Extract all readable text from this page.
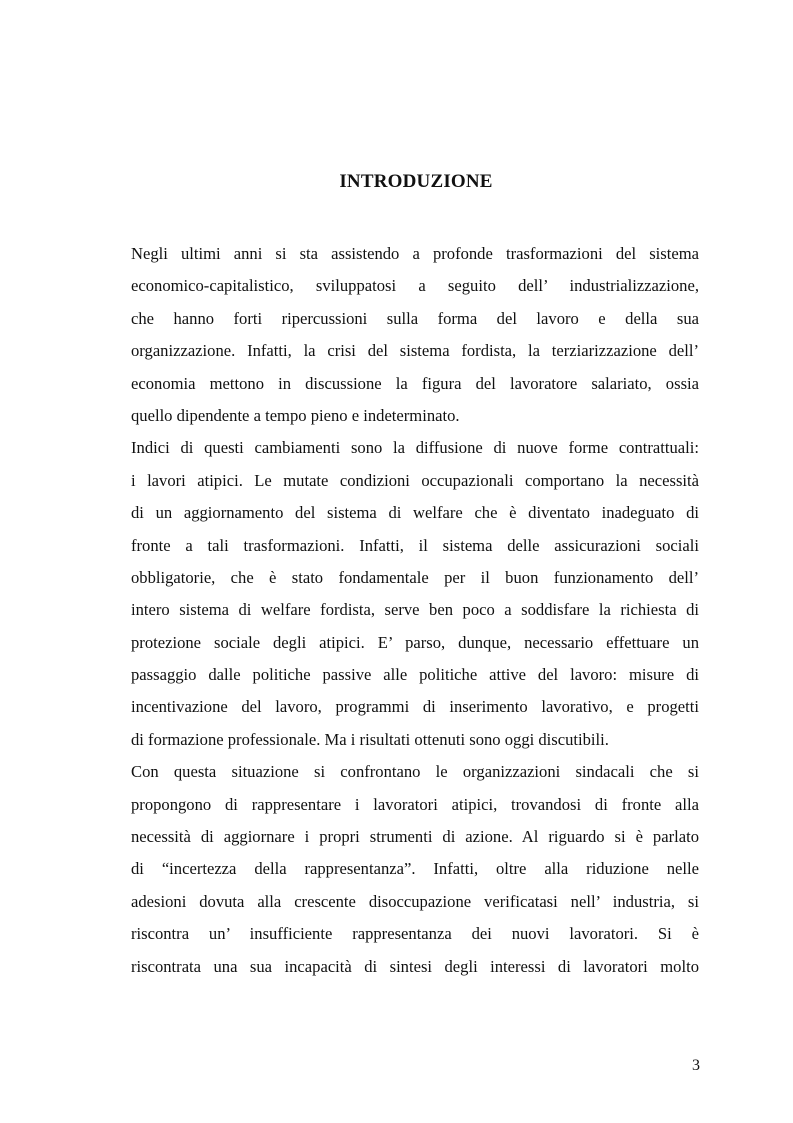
INTRODUZIONE
Negli ultimi anni si sta assistendo a profonde trasformazioni del sistema
economico-capitalistico, sviluppatosi a seguito dell’ industrializzazione,
che hanno forti ripercussioni sulla forma del lavoro e della sua
organizzazione. Infatti, la crisi del sistema fordista, la terziarizzazione dell’
economia mettono in discussione la figura del lavoratore salariato, ossia
quello dipendente a tempo pieno e indeterminato.
Indici di questi cambiamenti sono la diffusione di nuove forme contrattuali:
i lavori atipici. Le mutate condizioni occupazionali comportano la necessità
di un aggiornamento del sistema di welfare che è diventato inadeguato di
fronte a tali trasformazioni. Infatti, il sistema delle assicurazioni sociali
obbligatorie, che è stato fondamentale per il buon funzionamento dell’
intero sistema di welfare fordista, serve ben poco a soddisfare la richiesta di
protezione sociale degli atipici. E’ parso, dunque, necessario effettuare un
passaggio dalle politiche passive alle politiche attive del lavoro: misure di
incentivazione del lavoro, programmi di inserimento lavorativo, e progetti
di formazione professionale. Ma i risultati ottenuti sono oggi discutibili.
Con questa situazione si confrontano le organizzazioni sindacali che si
propongono di rappresentare i lavoratori atipici, trovandosi di fronte alla
necessità di aggiornare i propri strumenti di azione. Al riguardo si è parlato
di “incertezza della rappresentanza”. Infatti, oltre alla riduzione nelle
adesioni dovuta alla crescente disoccupazione verificatasi nell’ industria, si
riscontra un’ insufficiente rappresentanza dei nuovi lavoratori. Si è
riscontrata una sua incapacità di sintesi degli interessi di lavoratori molto
3
